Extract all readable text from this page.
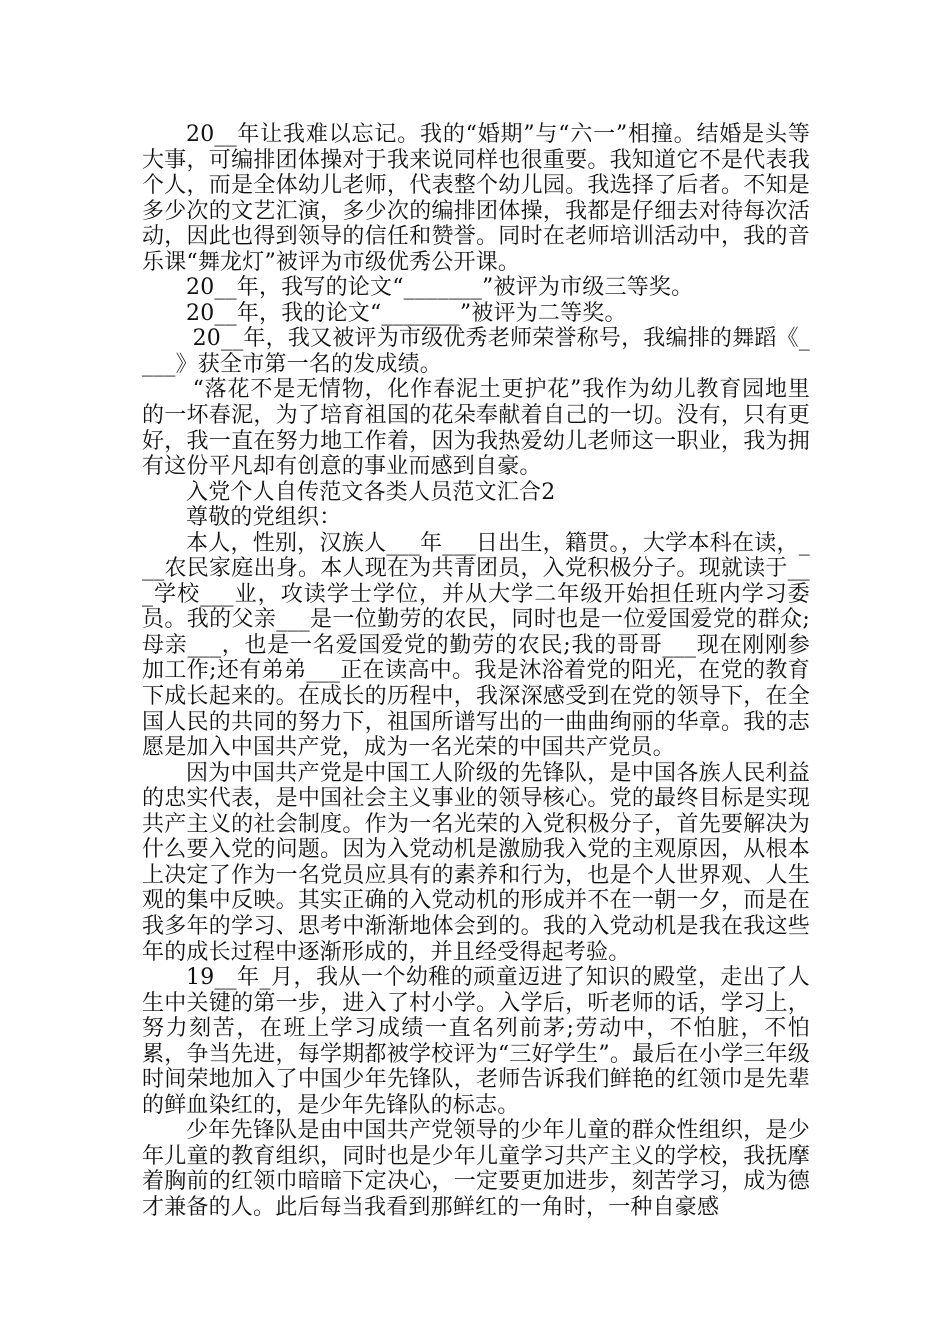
20__年让我难以忘记。我的“婚期”与“六一”相撞。结婚是头等大事，可编排团体操对于我来说同样也很重要。我知道它不是代表我个人，而是全体幼儿老师，代表整个幼儿园。我选择了后者。不知是多少次的文艺汇演，多少次的编排团体操，我都是仔细去对待每次活动，因此也得到领导的信任和赞誉。同时在老师培训活动中，我的音乐课“舞龙灯”被评为市级优秀公开课。

20__年，我写的论文“_______”被评为市级三等奖。

20__年，我的论文“_______”被评为二等奖。

20__年，我又被评为市级优秀老师荣誉称号，我编排的舞蹈《____》获全市第一名的发成绩。

“落花不是无情物，化作春泥土更护花”我作为幼儿教育园地里的一坏春泥，为了培育祖国的花朵奉献着自己的一切。没有，只有更好，我一直在努力地工作着，因为我热爱幼儿老师这一职业，我为拥有这份平凡却有创意的事业而感到自豪。

入党个人自传范文各类人员范文汇合2

尊敬的党组织：

本人，性别，汉族人___年___日出生，籍贯。，大学本科在读，___农民家庭出身。本人现在为共青团员，入党积极分子。现就读于___学校___业，攻读学士学位，并从大学二年级开始担任班内学习委员。我的父亲___是一位勤劳的农民，同时也是一位爱国爱党的群众;母亲___，也是一名爱国爱党的勤劳的农民;我的哥哥___现在刚刚参加工作;还有弟弟___正在读高中。我是沐浴着党的阳光，在党的教育下成长起来的。在成长的历程中，我深深感受到在党的领导下，在全国人民的共同的努力下，祖国所谱写出的一曲曲绚丽的华章。我的志愿是加入中国共产党，成为一名光荣的中国共产党员。

因为中国共产党是中国工人阶级的先锋队，是中国各族人民利益的忠实代表，是中国社会主义事业的领导核心。党的最终目标是实现共产主义的社会制度。作为一名光荣的入党积极分子，首先要解决为什么要入党的问题。因为入党动机是激励我入党的主观原因，从根本上决定了作为一名党员应具有的素养和行为，也是个人世界观、人生观的集中反映。其实正确的入党动机的形成并不在一朝一夕，而是在我多年的学习、思考中渐渐地体会到的。我的入党动机是我在我这些年的成长过程中逐渐形成的，并且经受得起考验。

19__年_月，我从一个幼稚的顽童迈进了知识的殿堂，走出了人生中关键的第一步，进入了村小学。入学后，听老师的话，学习上，努力刻苦，在班上学习成绩一直名列前茅;劳动中，不怕脏，不怕累，争当先进，每学期都被学校评为“三好学生”。最后在小学三年级时间荣地加入了中国少年先锋队，老师告诉我们鲜艳的红领巾是先辈的鲜血染红的，是少年先锋队的标志。

少年先锋队是由中国共产党领导的少年儿童的群众性组织，是少年儿童的教育组织，同时也是少年儿童学习共产主义的学校，我抚摩着胸前的红领巾暗暗下定决心，一定要更加进步，刻苦学习，成为德才兼备的人。此后每当我看到那鲜红的一角时，一种自豪感
